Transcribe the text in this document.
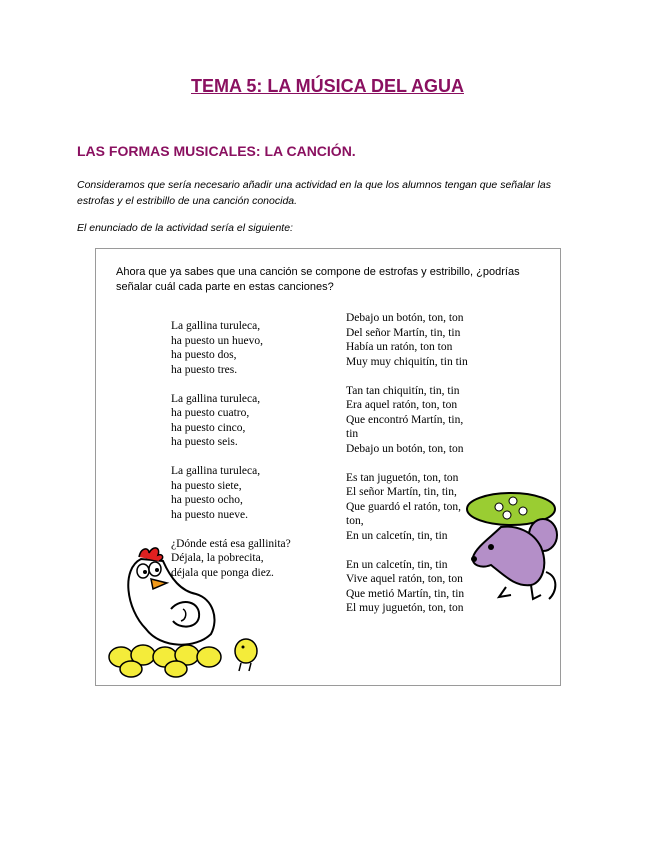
TEMA 5: LA MÚSICA DEL AGUA
LAS FORMAS MUSICALES: LA CANCIÓN.
Consideramos que sería necesario añadir una actividad en la que los alumnos tengan que señalar las estrofas y el estribillo de una canción conocida.
El enunciado de la actividad sería el siguiente:
Ahora que ya sabes que una canción se compone de estrofas y estribillo, ¿podrías señalar cuál cada parte en estas canciones?
La gallina turuleca,
ha puesto un huevo,
ha puesto dos,
ha puesto tres.
La gallina turuleca,
ha puesto cuatro,
ha puesto cinco,
ha puesto seis.
La gallina turuleca,
ha puesto siete,
ha puesto ocho,
ha puesto nueve.
¿Dónde está esa gallinita?
Déjala, la pobrecita,
déjala que ponga diez.
Debajo un botón, ton, ton
Del señor Martín, tin, tin
Había un ratón, ton ton
Muy muy chiquitín, tin tin
Tan tan chiquitín, tin, tin
Era aquel ratón, ton, ton
Que encontró Martín, tin, tin
Debajo un botón, ton, ton
Es tan juguetón, ton, ton
El señor Martín, tin, tin,
Que guardó el ratón, ton, ton,
En un calcetín, tin, tin
En un calcetín, tin, tin
Vive aquel ratón, ton, ton
Que metió Martín, tin, tin
El muy juguetón, ton, ton
